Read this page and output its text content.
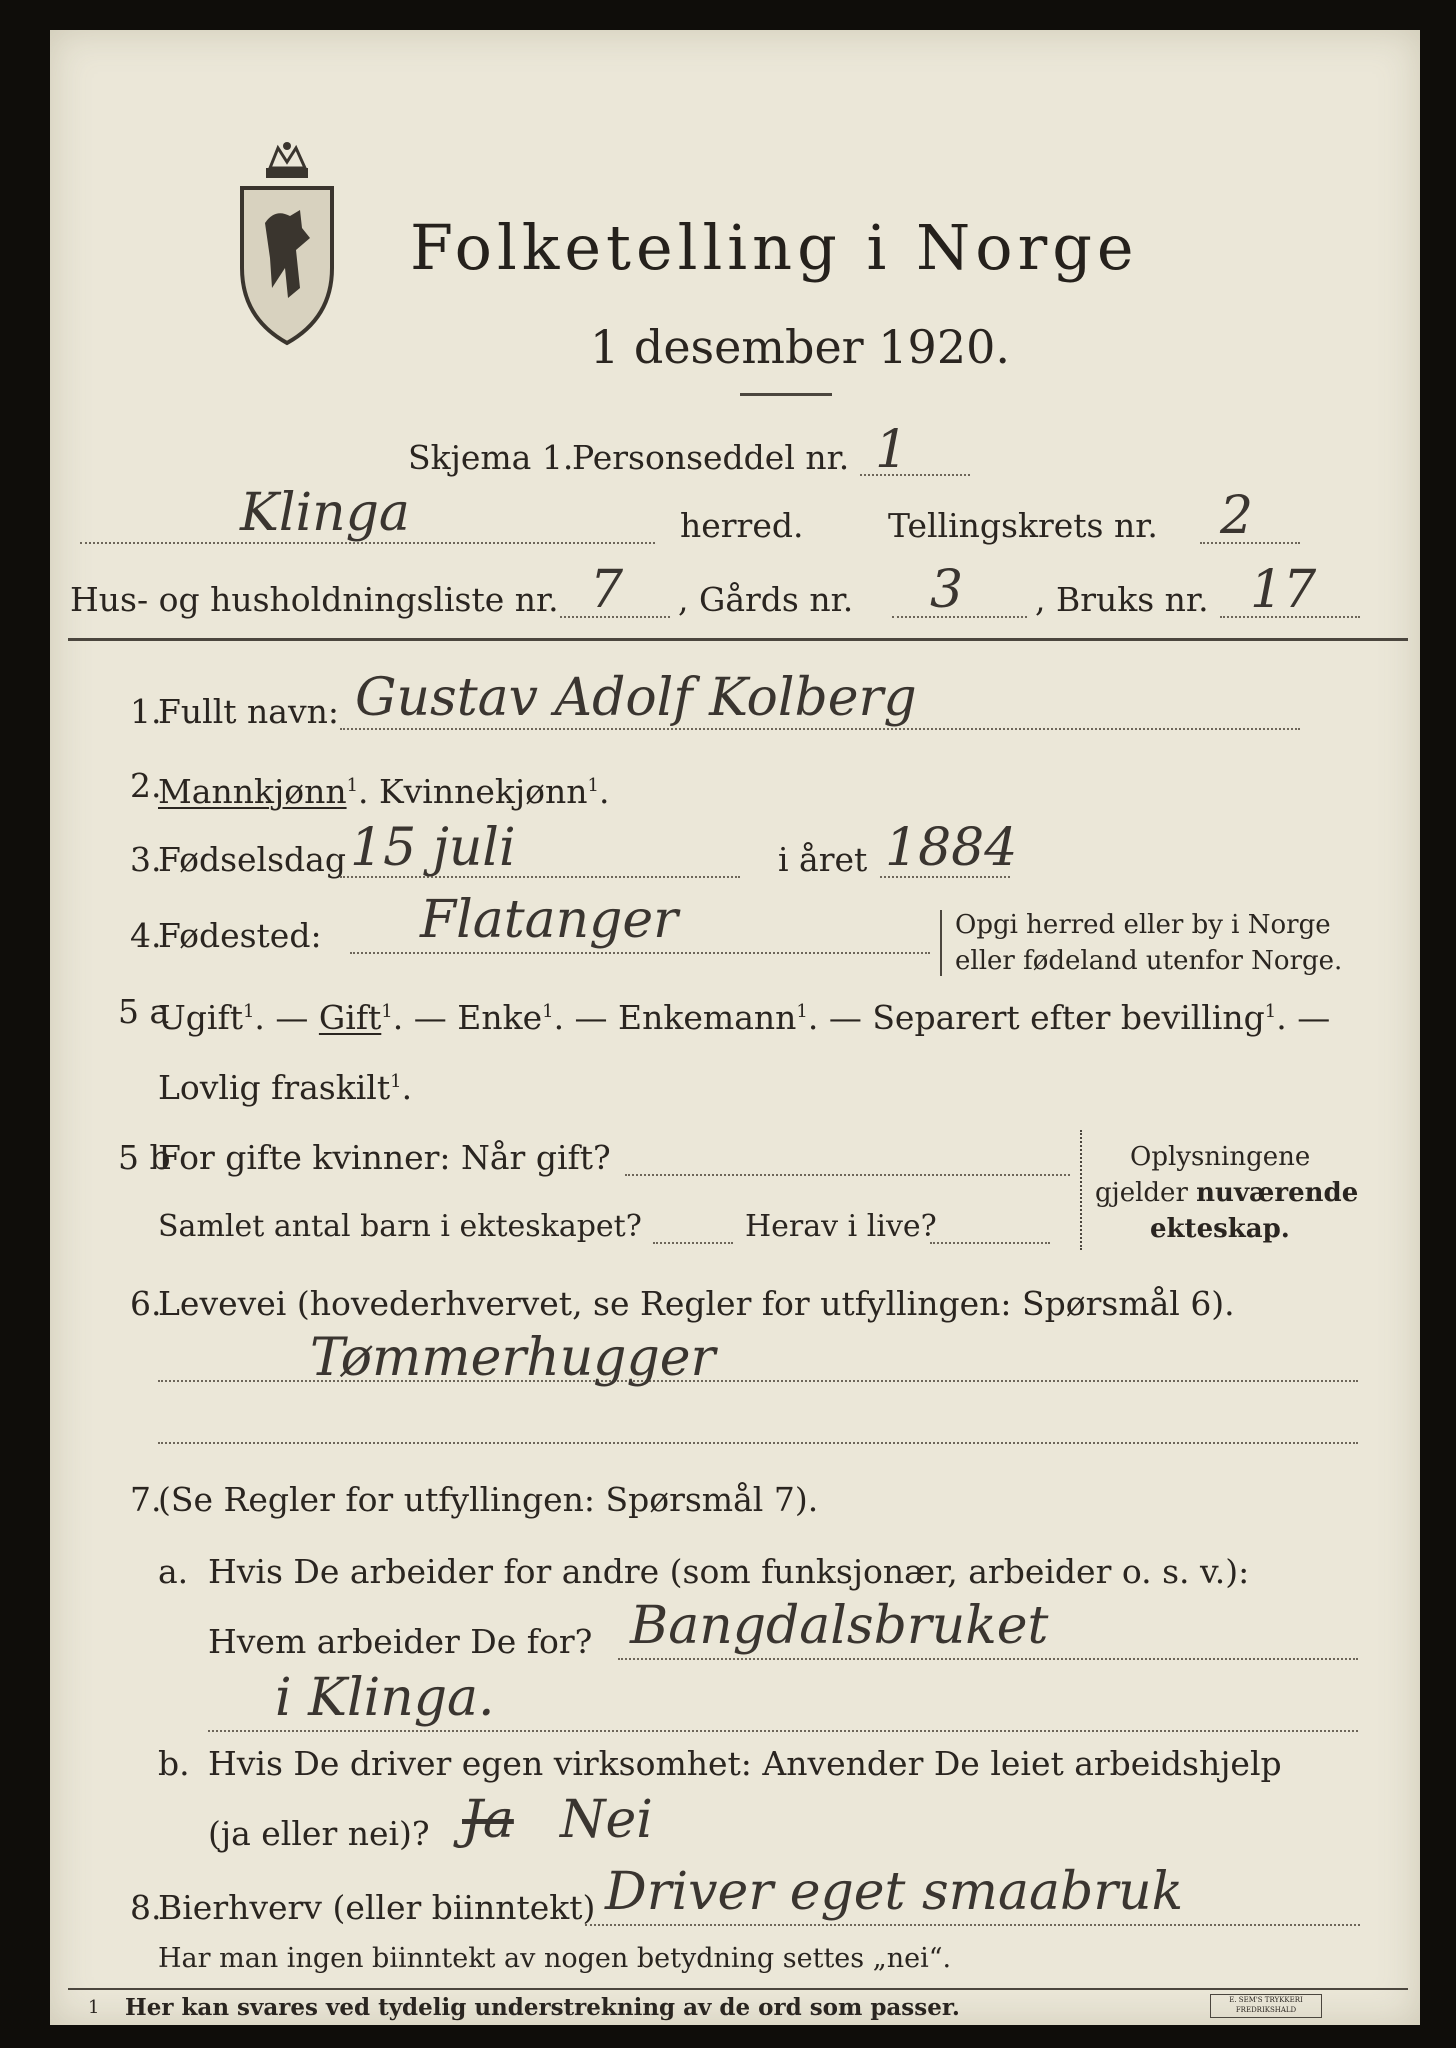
Folketelling i Norge
1 desember 1920.
Skjema 1.
Personseddel nr. 1
Klinga	herred.	Tellingskrets nr. 2
Hus- og husholdningsliste nr. 7 , Gårds nr. 3 , Bruks nr. 17
1.
Fullt navn: Gustav Adolf Kolberg
2.
Mannkjønn$^1$. Kvinnekjønn$^1$.
3.
Fødselsdag 15 juli	i året 1884
4.
Fødested: Flatanger	Opgi herred eller by i Norge
eller fødeland utenfor Norge.
5 a
Ugift$^1$. — Gift$^1$. — Enke$^1$. — Enkemann$^1$. — Separert efter bevilling$^1$. —
Lovlig fraskilt$^1$.
5 b
For gifte kvinner: Når gift?
Samlet antal barn i ekteskapet?	Herav i live?
Oplysningene
gjelder nuværende
ekteskap.
6.
Levevei (hovederhvervet, se Regler for utfyllingen: Spørsmål 6).
Tømmerhugger
7.
(Se Regler for utfyllingen: Spørsmål 7).
a. Hvis De arbeider for andre (som funksjonær, arbeider o. s. v.):
Hvem arbeider De for? Bangdalsbruket
i Klinga.
b. Hvis De driver egen virksomhet: Anvender De leiet arbeidshjelp
(ja eller nei)? Ja Nei
8.
Bierhverv (eller biinntekt) Driver eget smaabruk
Har man ingen biinntekt av nogen betydning settes „nei“.
1 Her kan svares ved tydelig understrekning av de ord som passer.	E. SEM'S TRYKKERI FREDRIKSHALD
